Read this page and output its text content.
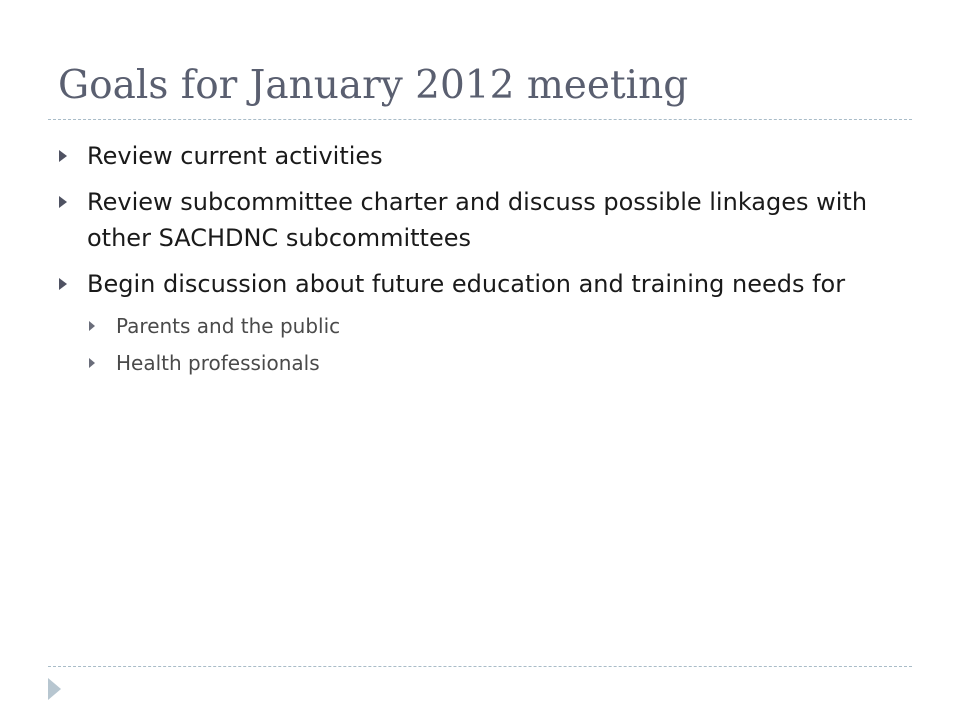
Goals for January 2012 meeting
Review current activities
Review subcommittee charter and discuss possible linkages with other SACHDNC subcommittees
Begin discussion about future education and training needs for
Parents and the public
Health professionals
